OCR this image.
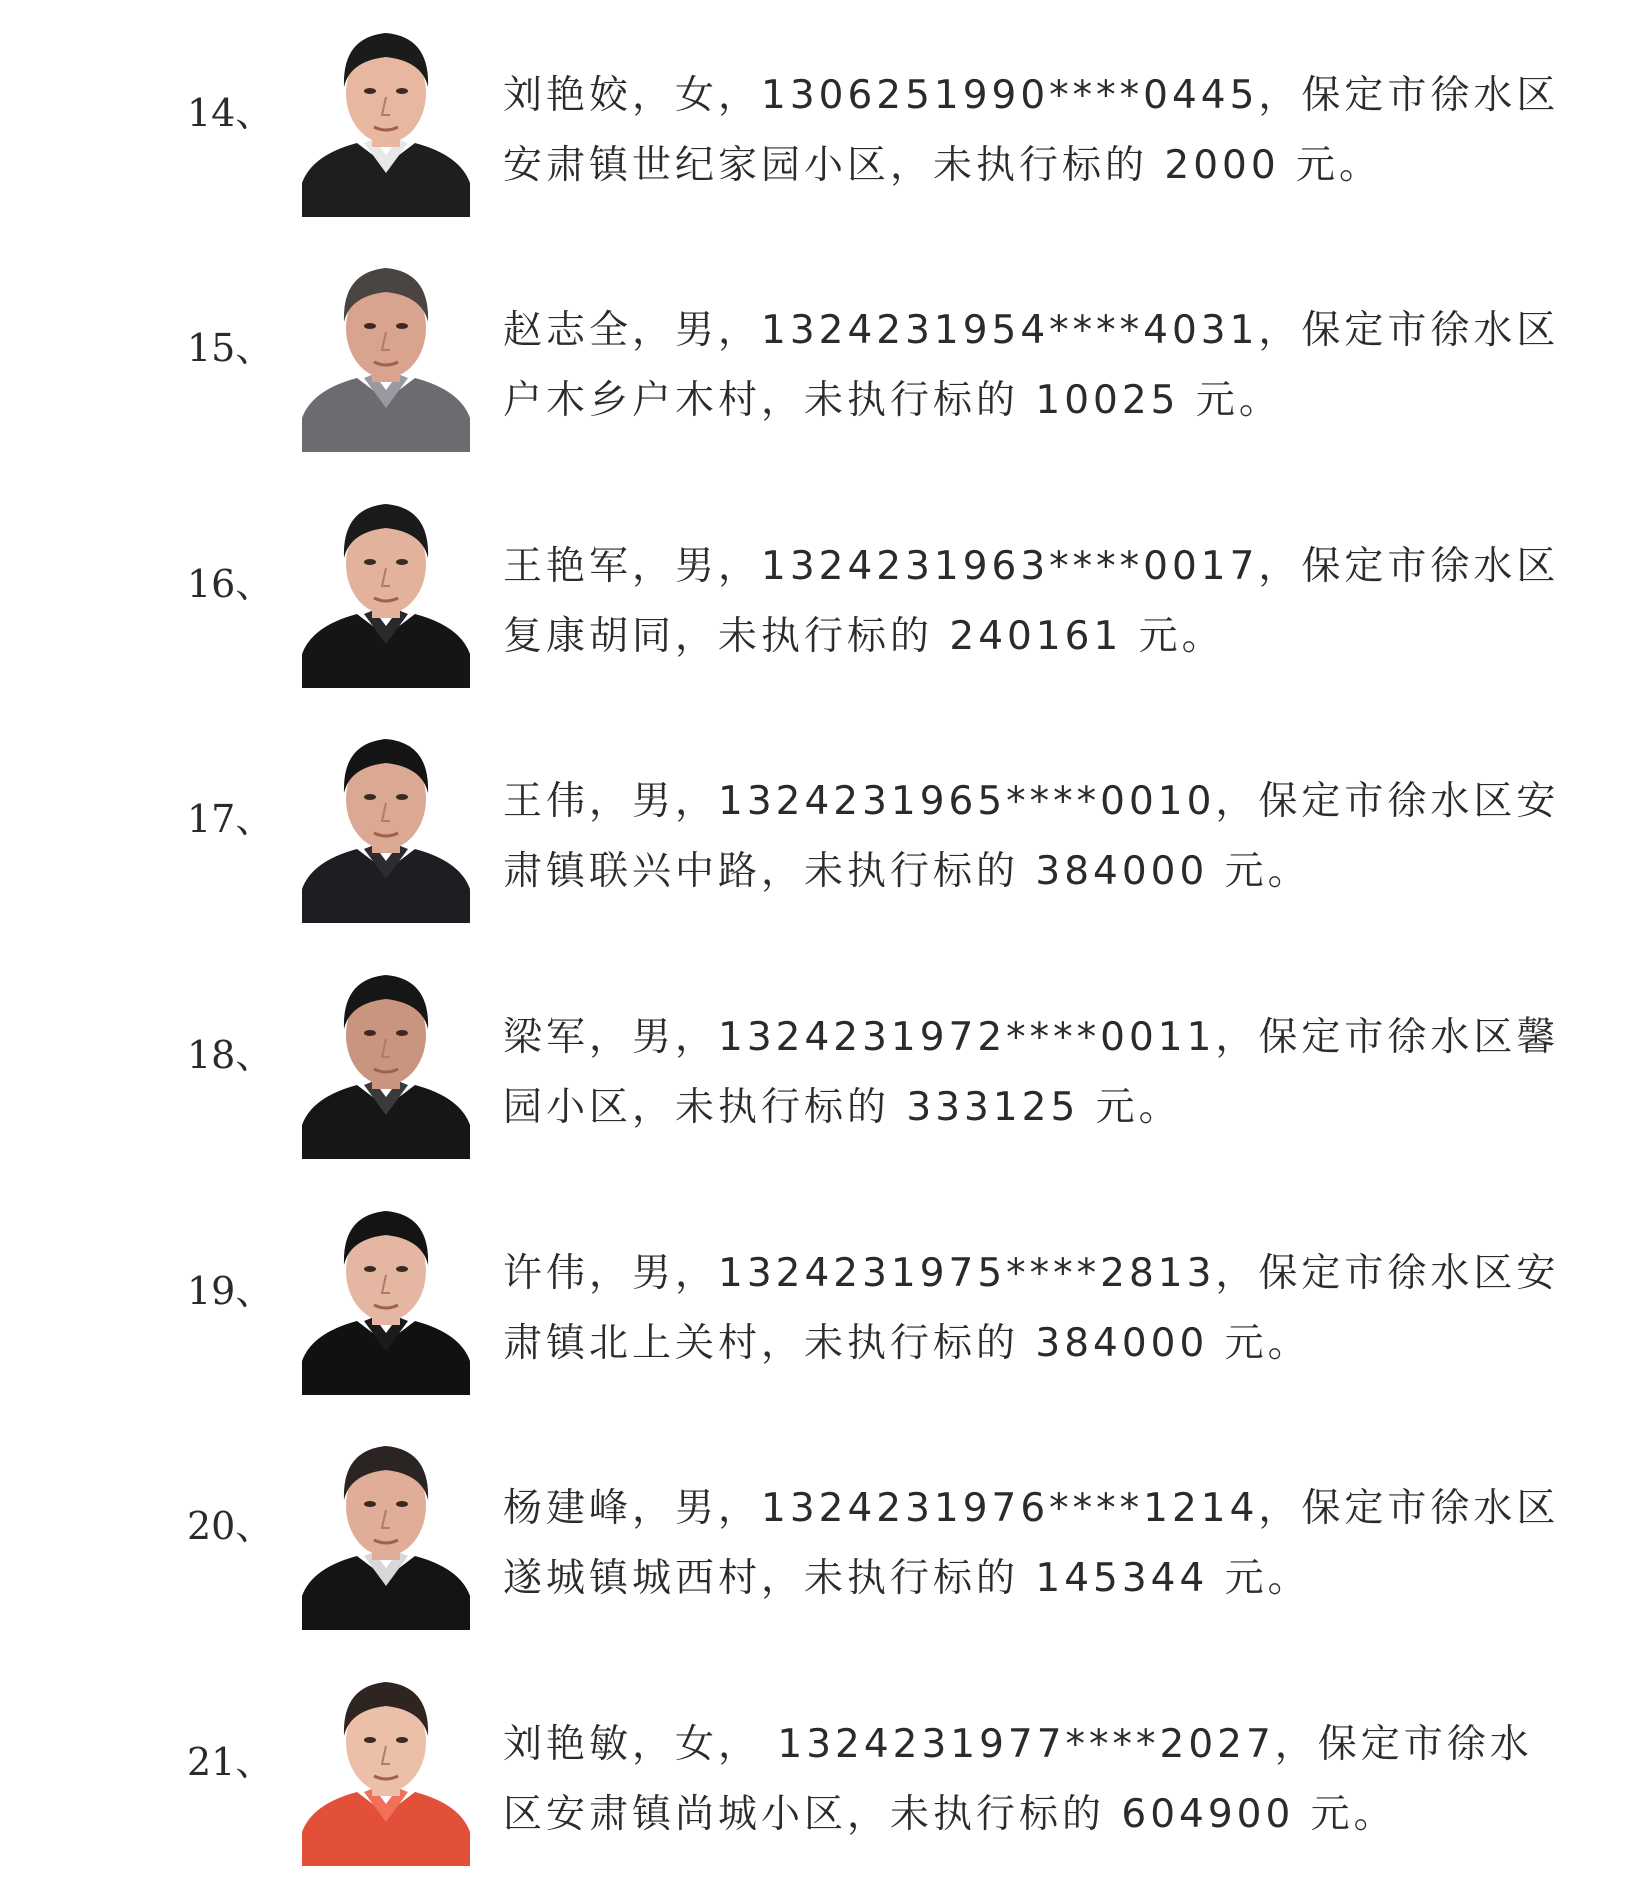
14、	刘艳姣，女，1306251990****0445，保定市徐水区
安肃镇世纪家园小区，未执行标的 2000 元。
15、	赵志全，男，1324231954****4031，保定市徐水区
户木乡户木村，未执行标的 10025 元。
16、	王艳军，男，1324231963****0017，保定市徐水区
复康胡同，未执行标的 240161 元。
17、	王伟，男，1324231965****0010，保定市徐水区安
肃镇联兴中路，未执行标的 384000 元。
18、	梁军，男，1324231972****0011，保定市徐水区馨
园小区，未执行标的 333125 元。
19、	许伟，男，1324231975****2813，保定市徐水区安
肃镇北上关村，未执行标的 384000 元。
20、	杨建峰，男，1324231976****1214，保定市徐水区
遂城镇城西村，未执行标的 145344 元。
21、	刘艳敏，女， 1324231977****2027，保定市徐水
区安肃镇尚城小区，未执行标的 604900 元。
